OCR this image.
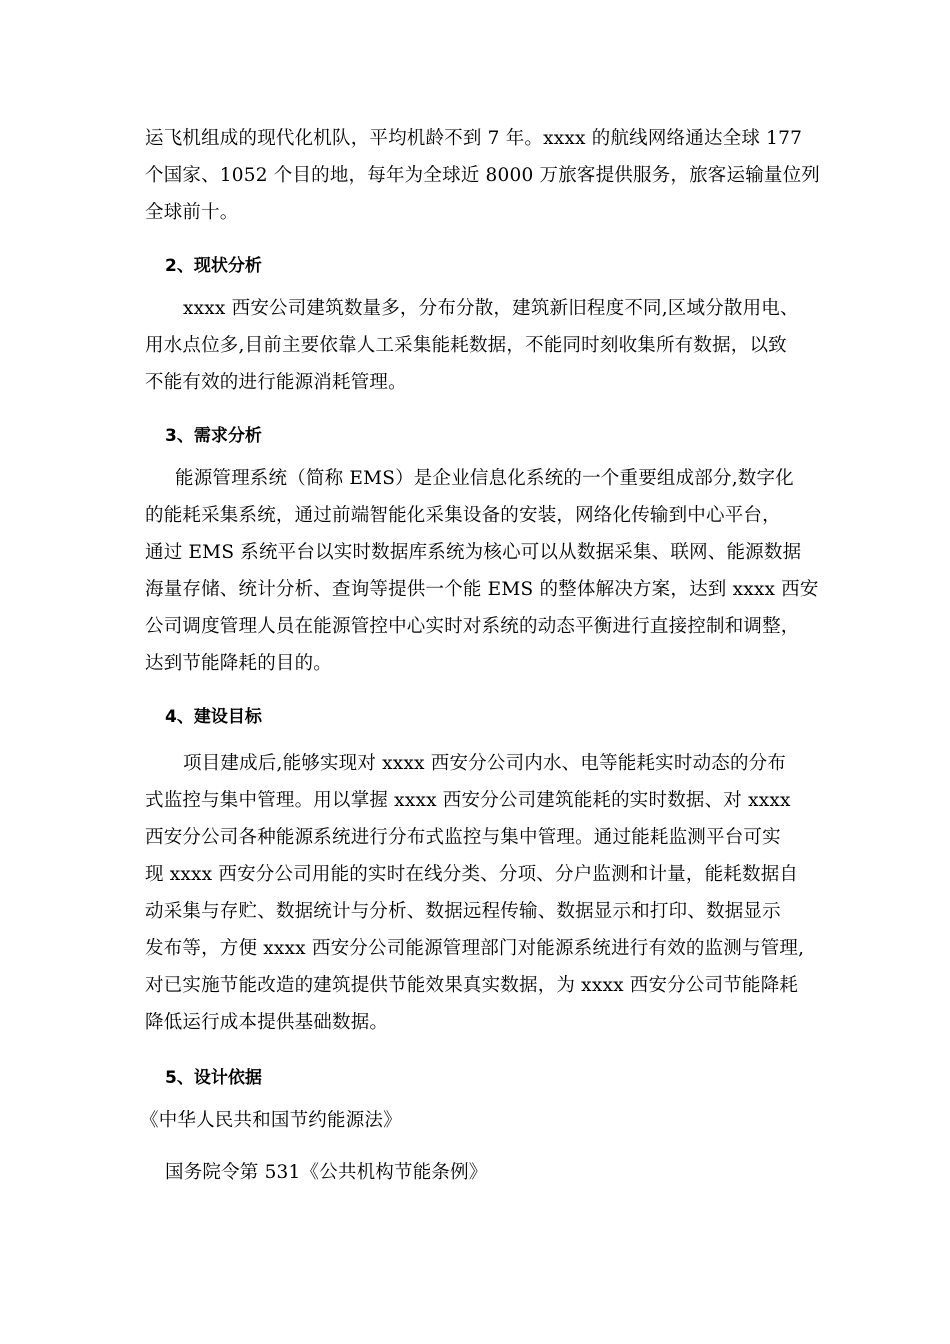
运飞机组成的现代化机队，平均机龄不到 7 年。xxxx 的航线网络通达全球 177
个国家、1052 个目的地，每年为全球近 8000 万旅客提供服务，旅客运输量位列
全球前十。
2、现状分析
xxxx 西安公司建筑数量多，分布分散，建筑新旧程度不同,区域分散用电、
用水点位多,目前主要依靠人工采集能耗数据，不能同时刻收集所有数据，以致
不能有效的进行能源消耗管理。
3、需求分析
能源管理系统（简称 EMS）是企业信息化系统的一个重要组成部分,数字化
的能耗采集系统，通过前端智能化采集设备的安装，网络化传输到中心平台，
通过 EMS 系统平台以实时数据库系统为核心可以从数据采集、联网、能源数据
海量存储、统计分析、查询等提供一个能 EMS 的整体解决方案，达到 xxxx 西安
公司调度管理人员在能源管控中心实时对系统的动态平衡进行直接控制和调整，
达到节能降耗的目的。
4、建设目标
项目建成后,能够实现对 xxxx 西安分公司内水、电等能耗实时动态的分布
式监控与集中管理。用以掌握 xxxx 西安分公司建筑能耗的实时数据、对 xxxx
西安分公司各种能源系统进行分布式监控与集中管理。通过能耗监测平台可实
现 xxxx 西安分公司用能的实时在线分类、分项、分户监测和计量，能耗数据自
动采集与存贮、数据统计与分析、数据远程传输、数据显示和打印、数据显示
发布等，方便 xxxx 西安分公司能源管理部门对能源系统进行有效的监测与管理,
对已实施节能改造的建筑提供节能效果真实数据，为 xxxx 西安分公司节能降耗
降低运行成本提供基础数据。
5、设计依据
《中华人民共和国节约能源法》
国务院令第 531《公共机构节能条例》
